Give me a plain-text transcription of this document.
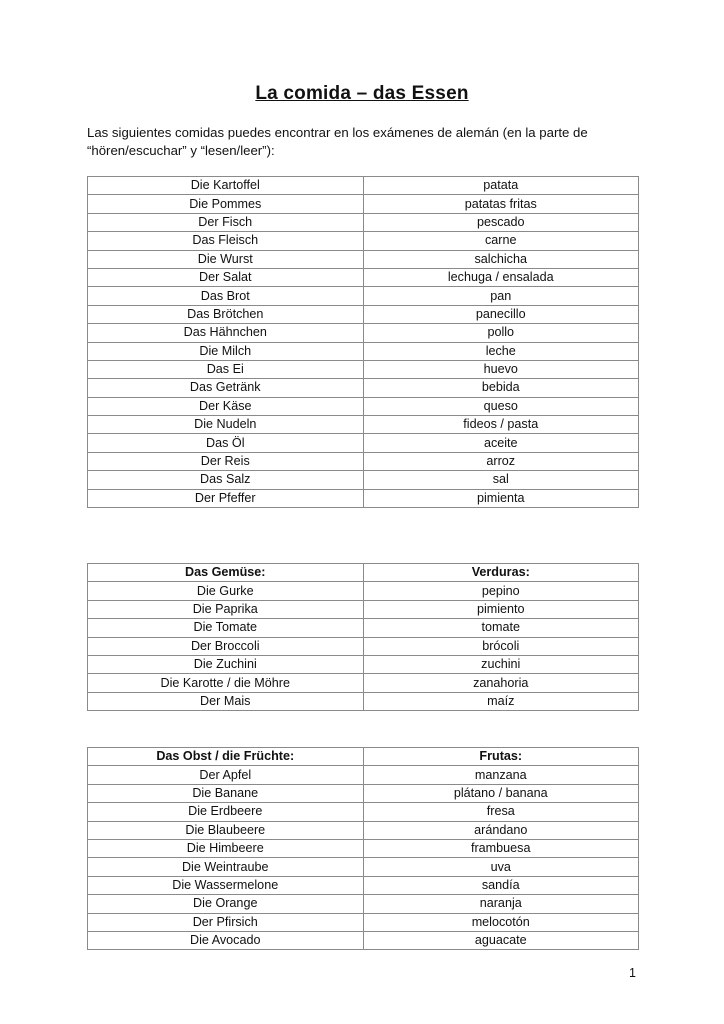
La comida – das Essen
Las siguientes comidas puedes encontrar en los exámenes de alemán (en la parte de “hören/escuchar” y “lesen/leer”):
Die Kartoffel	patata
Die Pommes	patatas fritas
Der Fisch	pescado
Das Fleisch	carne
Die Wurst	salchicha
Der Salat	lechuga / ensalada
Das Brot	pan
Das Brötchen	panecillo
Das Hähnchen	pollo
Die Milch	leche
Das Ei	huevo
Das Getränk	bebida
Der Käse	queso
Die Nudeln	fideos / pasta
Das Öl	aceite
Der Reis	arroz
Das Salz	sal
Der Pfeffer	pimienta
Das Gemüse:	Verduras:
Die Gurke	pepino
Die Paprika	pimiento
Die Tomate	tomate
Der Broccoli	brócoli
Die Zuchini	zuchini
Die Karotte / die Möhre	zanahoria
Der Mais	maíz
Das Obst / die Früchte:	Frutas:
Der Apfel	manzana
Die Banane	plátano / banana
Die Erdbeere	fresa
Die Blaubeere	arándano
Die Himbeere	frambuesa
Die Weintraube	uva
Die Wassermelone	sandía
Die Orange	naranja
Der Pfirsich	melocotón
Die Avocado	aguacate
1
